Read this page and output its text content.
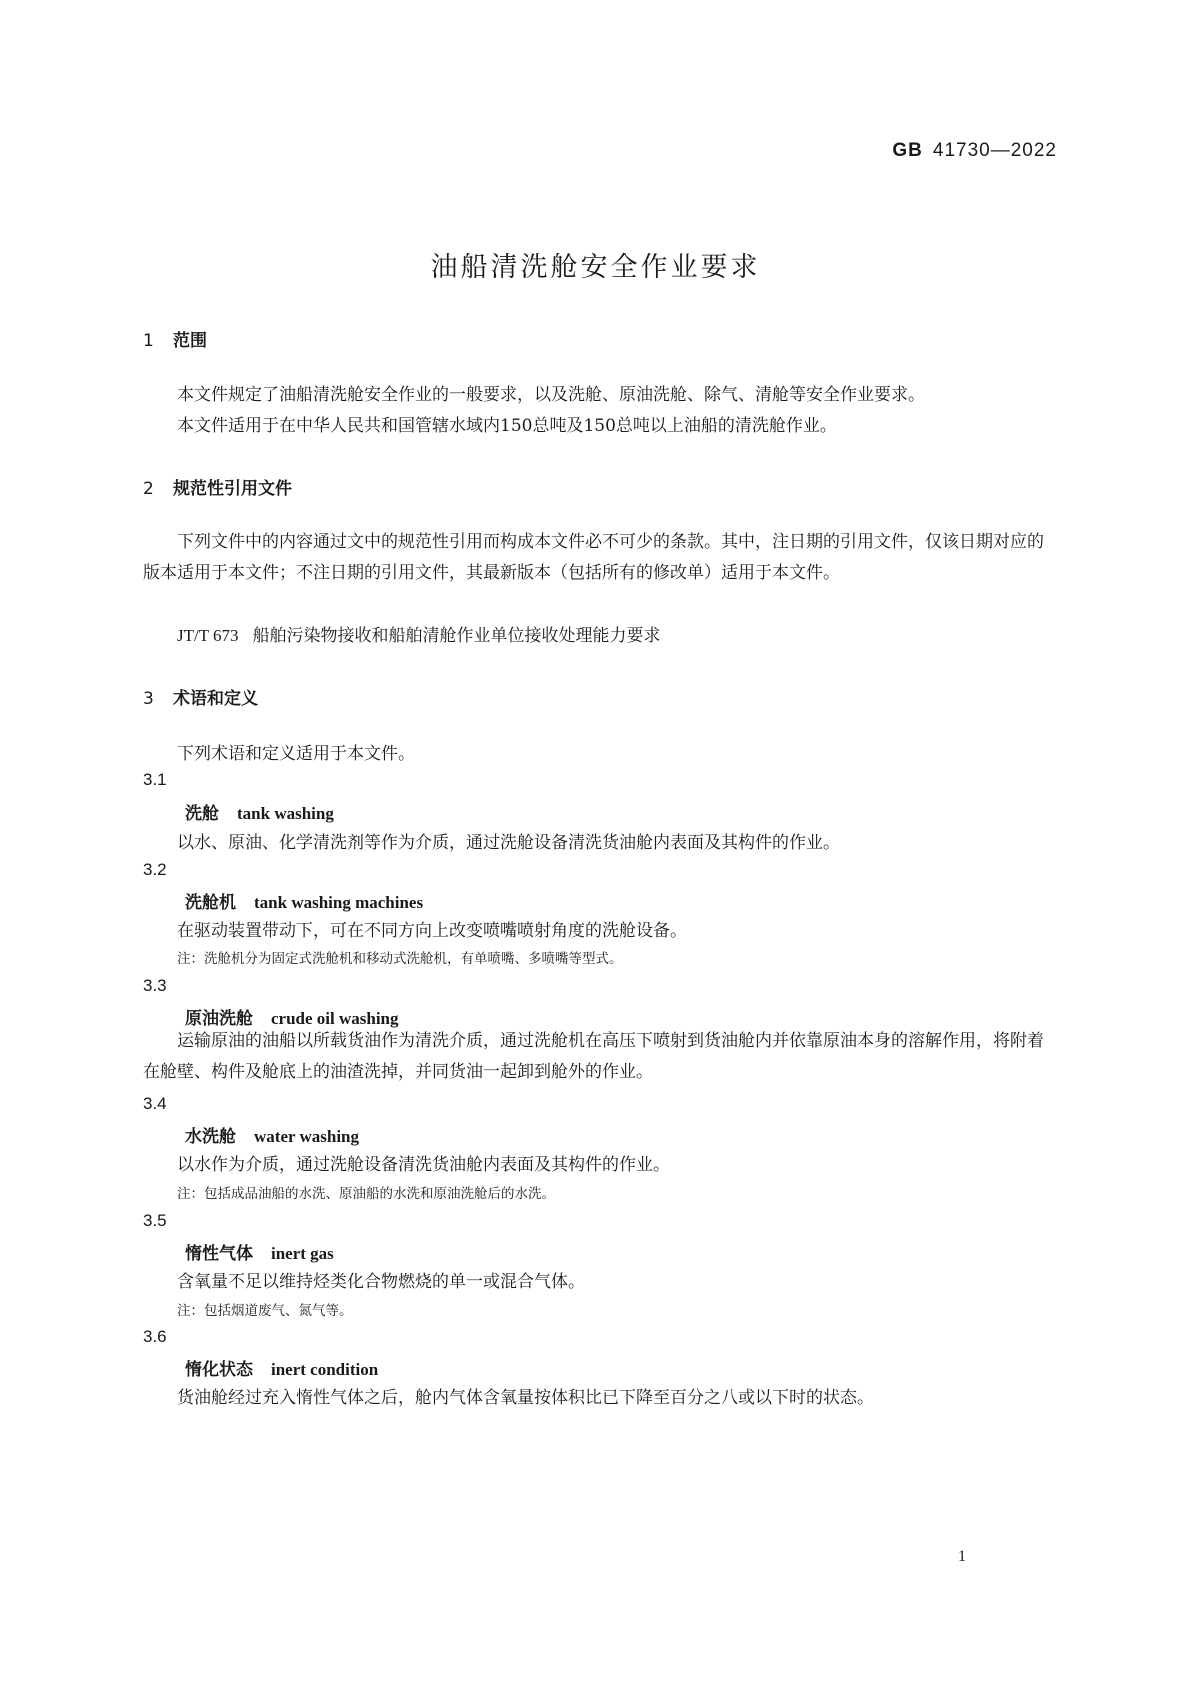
GB 41730—2022
油船清洗舱安全作业要求
1 范围
本文件规定了油船清洗舱安全作业的一般要求，以及洗舱、原油洗舱、除气、清舱等安全作业要求。
本文件适用于在中华人民共和国管辖水域内150总吨及150总吨以上油船的清洗舱作业。
2 规范性引用文件
下列文件中的内容通过文中的规范性引用而构成本文件必不可少的条款。其中，注日期的引用文件，仅该日期对应的版本适用于本文件；不注日期的引用文件，其最新版本（包括所有的修改单）适用于本文件。
JT/T 673 船舶污染物接收和船舶清舱作业单位接收处理能力要求
3 术语和定义
下列术语和定义适用于本文件。
3.1
洗舱 tank washing
以水、原油、化学清洗剂等作为介质，通过洗舱设备清洗货油舱内表面及其构件的作业。
3.2
洗舱机 tank washing machines
在驱动装置带动下，可在不同方向上改变喷嘴喷射角度的洗舱设备。
注：洗舱机分为固定式洗舱机和移动式洗舱机，有单喷嘴、多喷嘴等型式。
3.3
原油洗舱 crude oil washing
运输原油的油船以所载货油作为清洗介质，通过洗舱机在高压下喷射到货油舱内并依靠原油本身的溶解作用，将附着在舱壁、构件及舱底上的油渣洗掉，并同货油一起卸到舱外的作业。
3.4
水洗舱 water washing
以水作为介质，通过洗舱设备清洗货油舱内表面及其构件的作业。
注：包括成品油船的水洗、原油船的水洗和原油洗舱后的水洗。
3.5
惰性气体 inert gas
含氧量不足以维持烃类化合物燃烧的单一或混合气体。
注：包括烟道废气、氮气等。
3.6
惰化状态 inert condition
货油舱经过充入惰性气体之后，舱内气体含氧量按体积比已下降至百分之八或以下时的状态。
1
